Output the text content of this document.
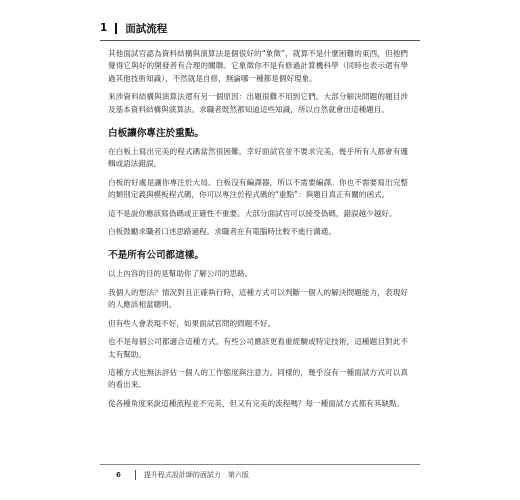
1 面試流程

其他面試官認為資料結構與演算法是個很好的“象徵”，就算不是什麼困難的東西，但他們覺得它與好的開發者有合理的關聯。它象徵你不是有修過計算機科學（同時也表示還有學過其他技術知識），不然就是自修，無論哪一種都是個好現象。

來涉資料結構與演算法還有另一個原因：出題很難不用到它們。大部分解決問題的題目涉及基本資料結構與演算法。求職者既然都知道這些知識，所以自然就會出這種題目。

白板讓你專注於重點。

在白板上寫出完美的程式碼當然很困難。幸好面試官並不要求完美，幾乎所有人都會有邏輯或語法錯誤。

白板的好處是讓你專注於大局。白板沒有編譯器，所以不需要編譯。你也不需要寫出完整的類別定義與模板程式碼，你可以專注於程式碼的“重點”：與題目真正有關的函式。

這不是說你應該寫偽碼或正確性不重要。大部分面試官可以接受偽碼，錯誤越少越好。

白板鼓勵求職者口述思路過程。求職者在有電腦時比較不進行溝通。

不是所有公司都這樣。

以上內容的目的是幫助你了解公司的思路。

我個人的想法？情況對且正確執行時，這種方式可以判斷一個人的解決問題能力，表現好的人應該相當聰明。

但有些人會表現不好，如果面試官問的問題不好。

也不是每個公司都適合這種方式。有些公司應該更看重經驗或特定技術，這種題目對此不太有幫助。

這種方式也無法評估一個人的工作態度與注意力。同樣的，幾乎沒有一種面試方式可以真的看出來。

從各種角度來說這種流程並不完美，但又有完美的流程嗎？每一種面試方式都有其缺點。

6	提升程式設計師的面試力　第六版
